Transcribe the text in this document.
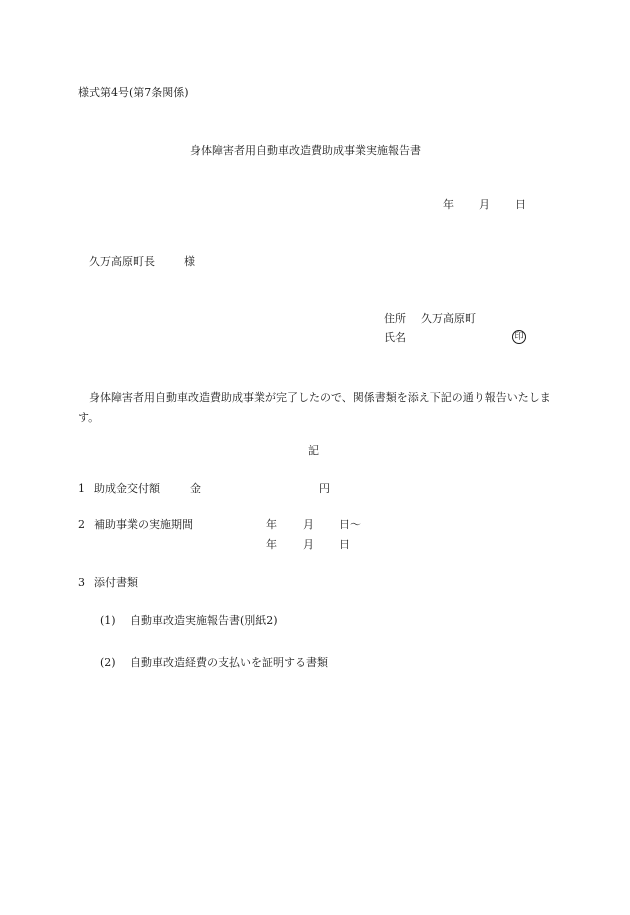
様式第4号(第7条関係)
身体障害者用自動車改造費助成事業実施報告書
年 月 日
久万高原町長	様
住所 久万高原町
氏名	印

身体障害者用自動車改造費助成事業が完了したので、関係書類を添え下記の通り報告いたします。

記
1 助成金交付額	金	円
2 補助事業の実施期間	年 月 日～
年 月 日
3 添付書類
(1) 自動車改造実施報告書(別紙2)
(2) 自動車改造経費の支払いを証明する書類
